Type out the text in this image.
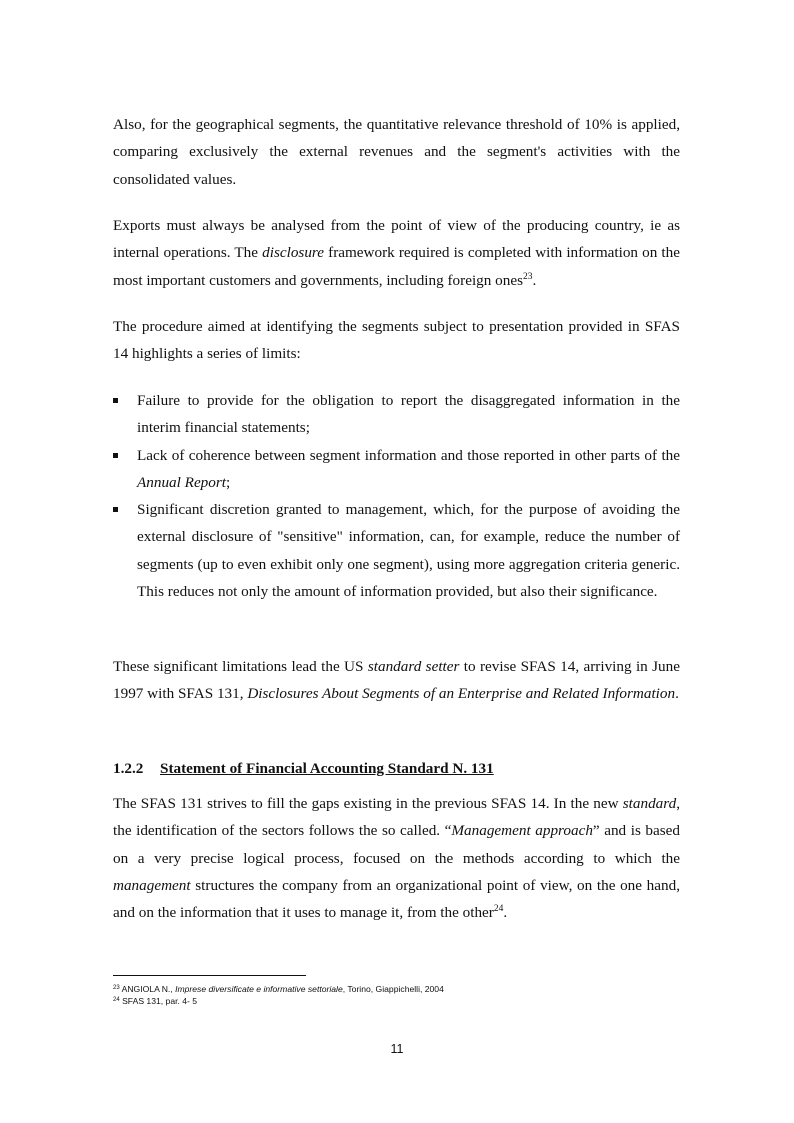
Also, for the geographical segments, the quantitative relevance threshold of 10% is applied, comparing exclusively the external revenues and the segment's activities with the consolidated values.

Exports must always be analysed from the point of view of the producing country, ie as internal operations. The disclosure framework required is completed with information on the most important customers and governments, including foreign ones$^{23}$.

The procedure aimed at identifying the segments subject to presentation provided in SFAS 14 highlights a series of limits:

Failure to provide for the obligation to report the disaggregated information in the interim financial statements;
Lack of coherence between segment information and those reported in other parts of the Annual Report;
Significant discretion granted to management, which, for the purpose of avoiding the external disclosure of "sensitive" information, can, for example, reduce the number of segments (up to even exhibit only one segment), using more aggregation criteria generic. This reduces not only the amount of information provided, but also their significance.

These significant limitations lead the US standard setter to revise SFAS 14, arriving in June 1997 with SFAS 131, Disclosures About Segments of an Enterprise and Related Information.

1.2.2 Statement of Financial Accounting Standard N. 131

The SFAS 131 strives to fill the gaps existing in the previous SFAS 14. In the new standard, the identification of the sectors follows the so called. “Management approach” and is based on a very precise logical process, focused on the methods according to which the management structures the company from an organizational point of view, on the one hand, and on the information that it uses to manage it, from the other$^{24}$.

$^{23}$ ANGIOLA N., Imprese diversificate e informative settoriale, Torino, Giappichelli, 2004

$^{24}$ SFAS 131, par. 4- 5

11
